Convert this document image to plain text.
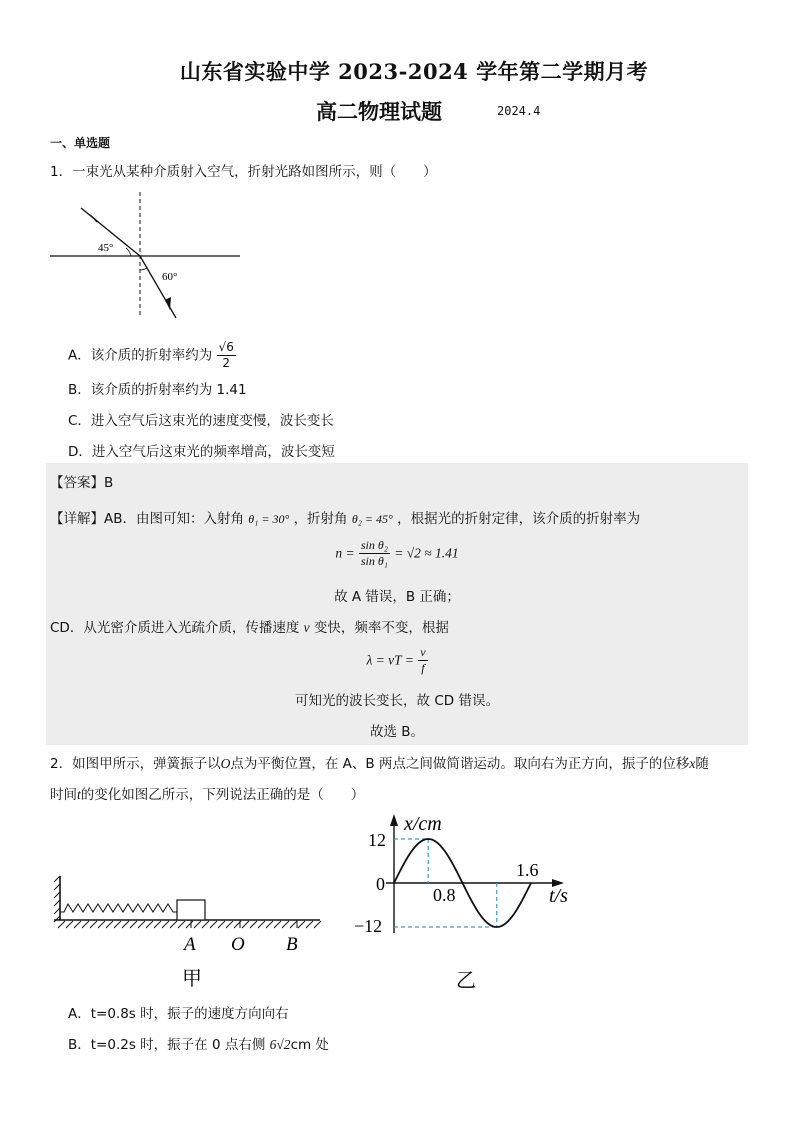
山东省实验中学 2023-2024 学年第二学期月考
高二物理试题	2024.4
一、单选题
1．一束光从某种介质射入空气，折射光路如图所示，则（　　）
45°
60°
A．该介质的折射率约为 $\frac{√6}{2}$
B．该介质的折射率约为 1.41
C．进入空气后这束光的速度变慢，波长变长
D．进入空气后这束光的频率增高，波长变短
【答案】B
【详解】AB．由图可知：入射角 θ₁ = 30° ，折射角 θ₂ = 45° ，根据光的折射定律，该介质的折射率为
$n = \frac{\text{sin θ₂}}{\text{sin θ₁}} = √2 \approx 1.41$
故 A 错误，B 正确；
CD．从光密介质进入光疏介质，传播速度 v 变快，频率不变，根据
λ = vT = $\frac{v}{f}$
可知光的波长变长，故 CD 错误。
故选 B。
2．如图甲所示，弹簧振子以O点为平衡位置，在 A、B 两点之间做简谐运动。取向右为正方向，振子的位移x随
时间t的变化如图乙所示，下列说法正确的是（　　）
A O B
甲
x/cm
t/s
12
0
−12
0.8
1.6
乙
A．t=0.8s 时，振子的速度方向向右
B．t=0.2s 时，振子在 0 点右侧 6√2cm 处
